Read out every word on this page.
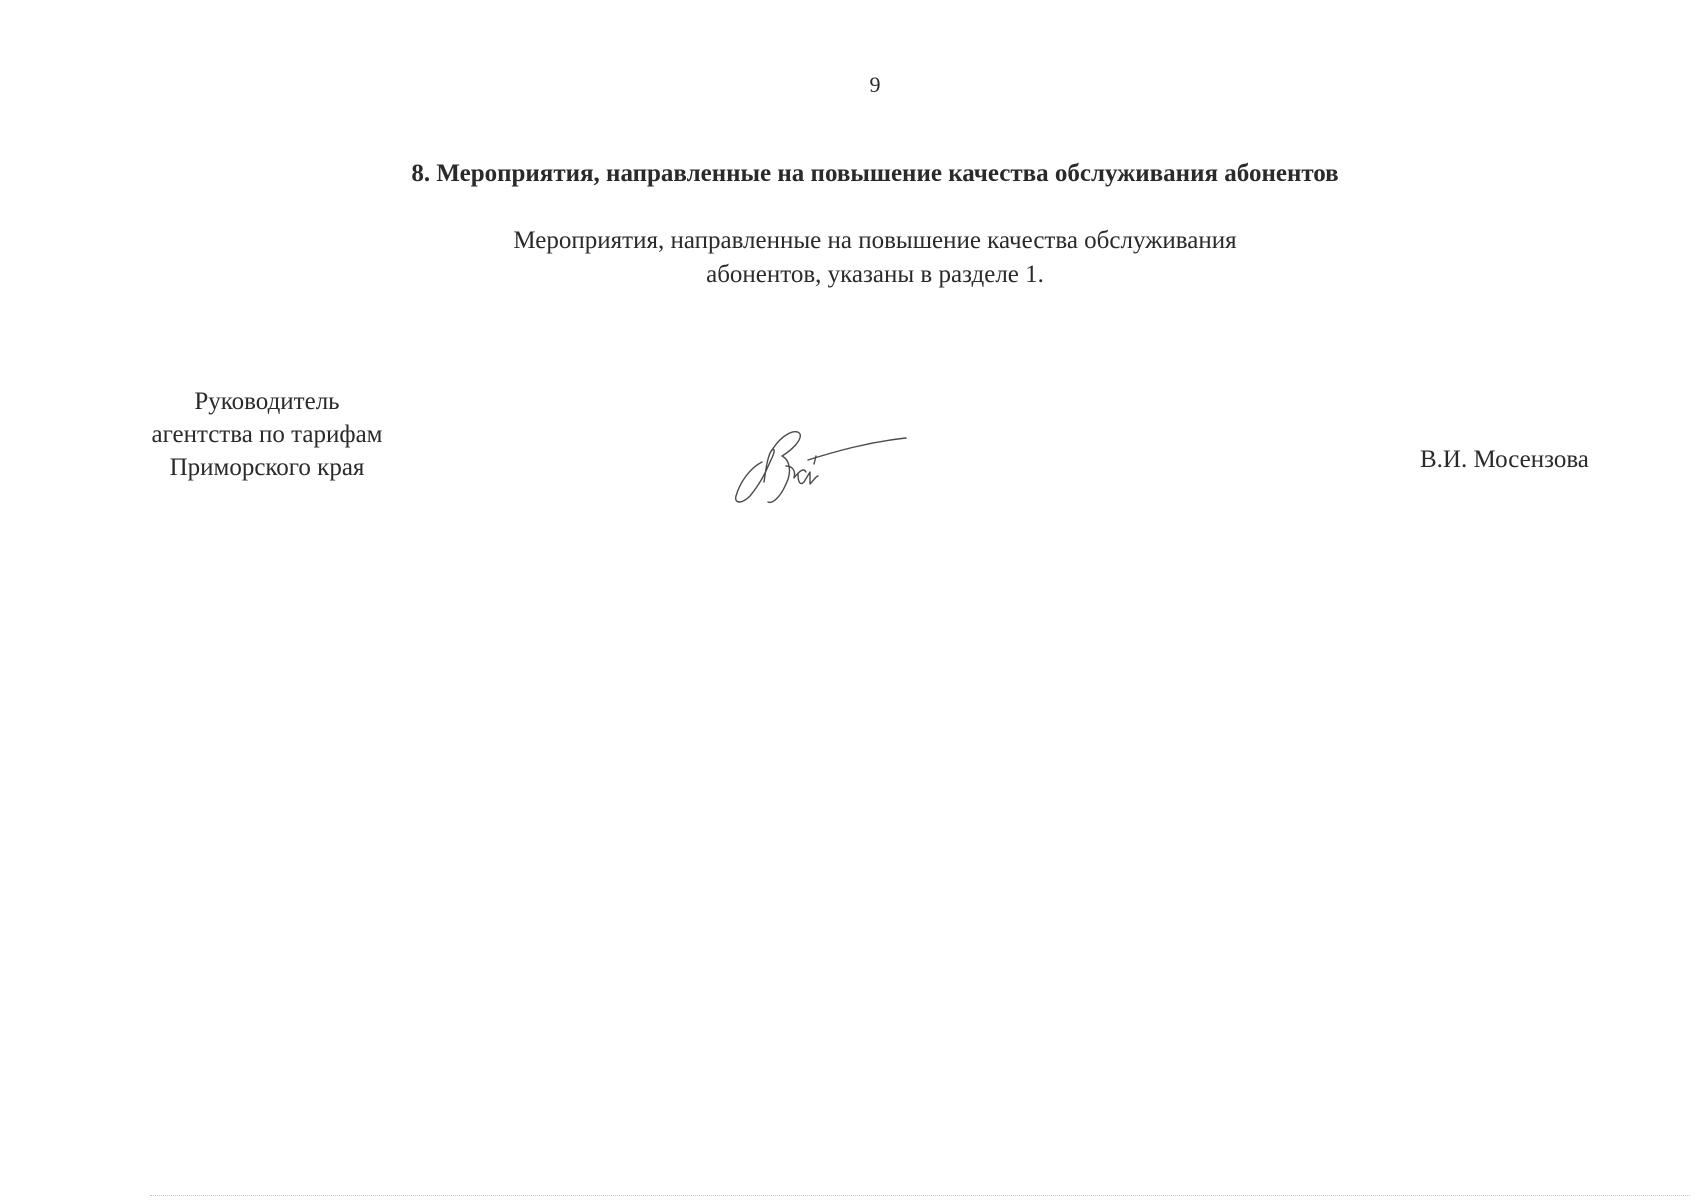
9
8. Мероприятия, направленные на повышение качества обслуживания абонентов

Мероприятия, направленные на повышение качества обслуживания
абонентов, указаны в разделе 1.

Руководитель
агентства по тарифам
Приморского края	В.И. Мосензова
